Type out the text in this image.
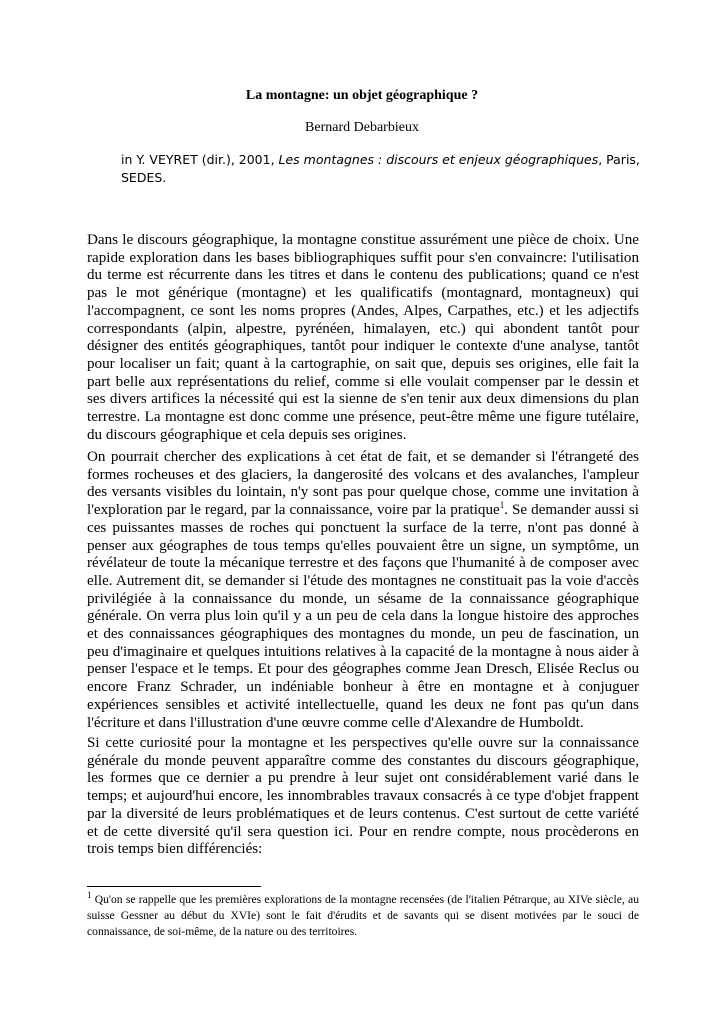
La montagne: un objet géographique ?
Bernard Debarbieux
in Y. VEYRET (dir.), 2001, Les montagnes : discours et enjeux géographiques, Paris, SEDES.

Dans le discours géographique, la montagne constitue assurément une pièce de choix. Une rapide exploration dans les bases bibliographiques suffit pour s'en convaincre: l'utilisation du terme est récurrente dans les titres et dans le contenu des publications; quand ce n'est pas le mot générique (montagne) et les qualificatifs (montagnard, montagneux) qui l'accompagnent, ce sont les noms propres (Andes, Alpes, Carpathes, etc.) et les adjectifs correspondants (alpin, alpestre, pyrénéen, himalayen, etc.) qui abondent tantôt pour désigner des entités géographiques, tantôt pour indiquer le contexte d'une analyse, tantôt pour localiser un fait; quant à la cartographie, on sait que, depuis ses origines, elle fait la part belle aux représentations du relief, comme si elle voulait compenser par le dessin et ses divers artifices la nécessité qui est la sienne de s'en tenir aux deux dimensions du plan terrestre. La montagne est donc comme une présence, peut-être même une figure tutélaire, du discours géographique et cela depuis ses origines.

On pourrait chercher des explications à cet état de fait, et se demander si l'étrangeté des formes rocheuses et des glaciers, la dangerosité des volcans et des avalanches, l'ampleur des versants visibles du lointain, n'y sont pas pour quelque chose, comme une invitation à l'exploration par le regard, par la connaissance, voire par la pratique$^1$. Se demander aussi si ces puissantes masses de roches qui ponctuent la surface de la terre, n'ont pas donné à penser aux géographes de tous temps qu'elles pouvaient être un signe, un symptôme, un révélateur de toute la mécanique terrestre et des façons que l'humanité à de composer avec elle. Autrement dit, se demander si l'étude des montagnes ne constituait pas la voie d'accès privilégiée à la connaissance du monde, un sésame de la connaissance géographique générale. On verra plus loin qu'il y a un peu de cela dans la longue histoire des approches et des connaissances géographiques des montagnes du monde, un peu de fascination, un peu d'imaginaire et quelques intuitions relatives à la capacité de la montagne à nous aider à penser l'espace et le temps. Et pour des géographes comme Jean Dresch, Elisée Reclus ou encore Franz Schrader, un indéniable bonheur à être en montagne et à conjuguer expériences sensibles et activité intellectuelle, quand les deux ne font pas qu'un dans l'écriture et dans l'illustration d'une œuvre comme celle d'Alexandre de Humboldt.

Si cette curiosité pour la montagne et les perspectives qu'elle ouvre sur la connaissance générale du monde peuvent apparaître comme des constantes du discours géographique, les formes que ce dernier a pu prendre à leur sujet ont considérablement varié dans le temps; et aujourd'hui encore, les innombrables travaux consacrés à ce type d'objet frappent par la diversité de leurs problématiques et de leurs contenus. C'est surtout de cette variété et de cette diversité qu'il sera question ici. Pour en rendre compte, nous procèderons en trois temps bien différenciés:

$^1$ Qu'on se rappelle que les premières explorations de la montagne recensées (de l'italien Pétrarque, au XIVe siècle, au suisse Gessner au début du XVIe) sont le fait d'érudits et de savants qui se disent motivées par le souci de connaissance, de soi-même, de la nature ou des territoires.
